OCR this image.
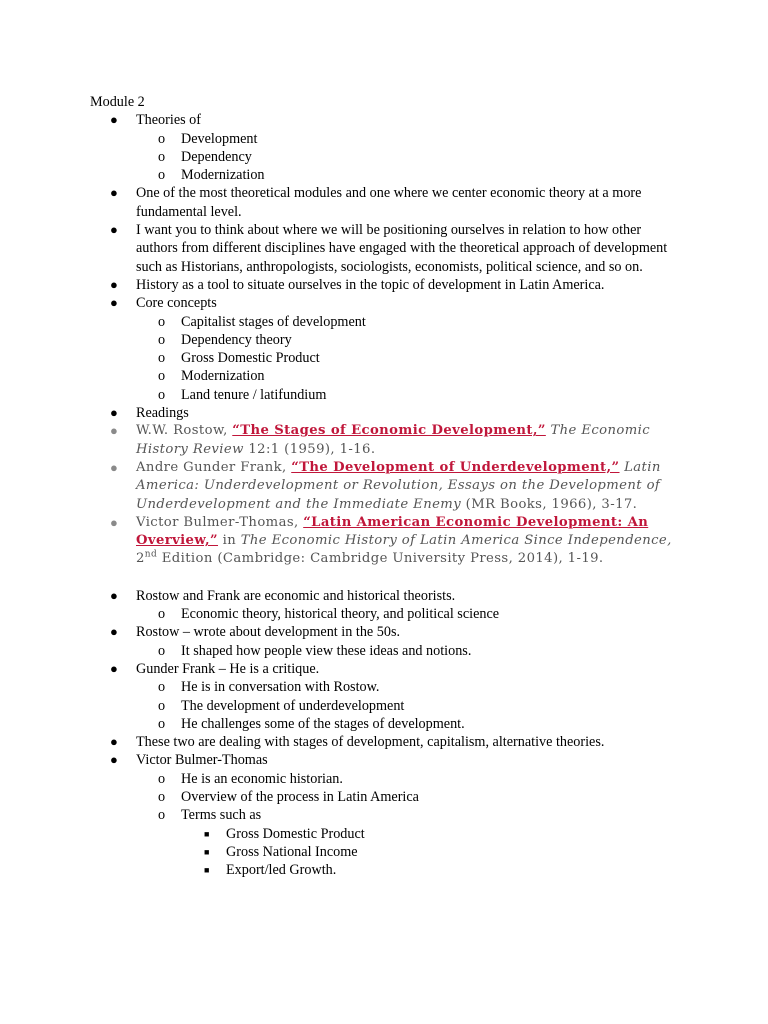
Module 2
● Theories of
o Development
o Dependency
o Modernization
● One of the most theoretical modules and one where we center economic theory at a more fundamental level.
● I want you to think about where we will be positioning ourselves in relation to how other authors from different disciplines have engaged with the theoretical approach of development such as Historians, anthropologists, sociologists, economists, political science, and so on.
● History as a tool to situate ourselves in the topic of development in Latin America.
● Core concepts
o Capitalist stages of development
o Dependency theory
o Gross Domestic Product
o Modernization
o Land tenure / latifundium
● Readings
● W.W. Rostow, “The Stages of Economic Development,” The Economic History Review 12:1 (1959), 1-16.
● Andre Gunder Frank, “The Development of Underdevelopment,” Latin America: Underdevelopment or Revolution, Essays on the Development of Underdevelopment and the Immediate Enemy (MR Books, 1966), 3-17.
● Victor Bulmer-Thomas, “Latin American Economic Development: An Overview,” in The Economic History of Latin America Since Independence, 2nd Edition (Cambridge: Cambridge University Press, 2014), 1-19.
● Rostow and Frank are economic and historical theorists.
o Economic theory, historical theory, and political science
● Rostow – wrote about development in the 50s.
o It shaped how people view these ideas and notions.
● Gunder Frank – He is a critique.
o He is in conversation with Rostow.
o The development of underdevelopment
o He challenges some of the stages of development.
● These two are dealing with stages of development, capitalism, alternative theories.
● Victor Bulmer-Thomas
o He is an economic historian.
o Overview of the process in Latin America
o Terms such as
■ Gross Domestic Product
■ Gross National Income
■ Export/led Growth.
